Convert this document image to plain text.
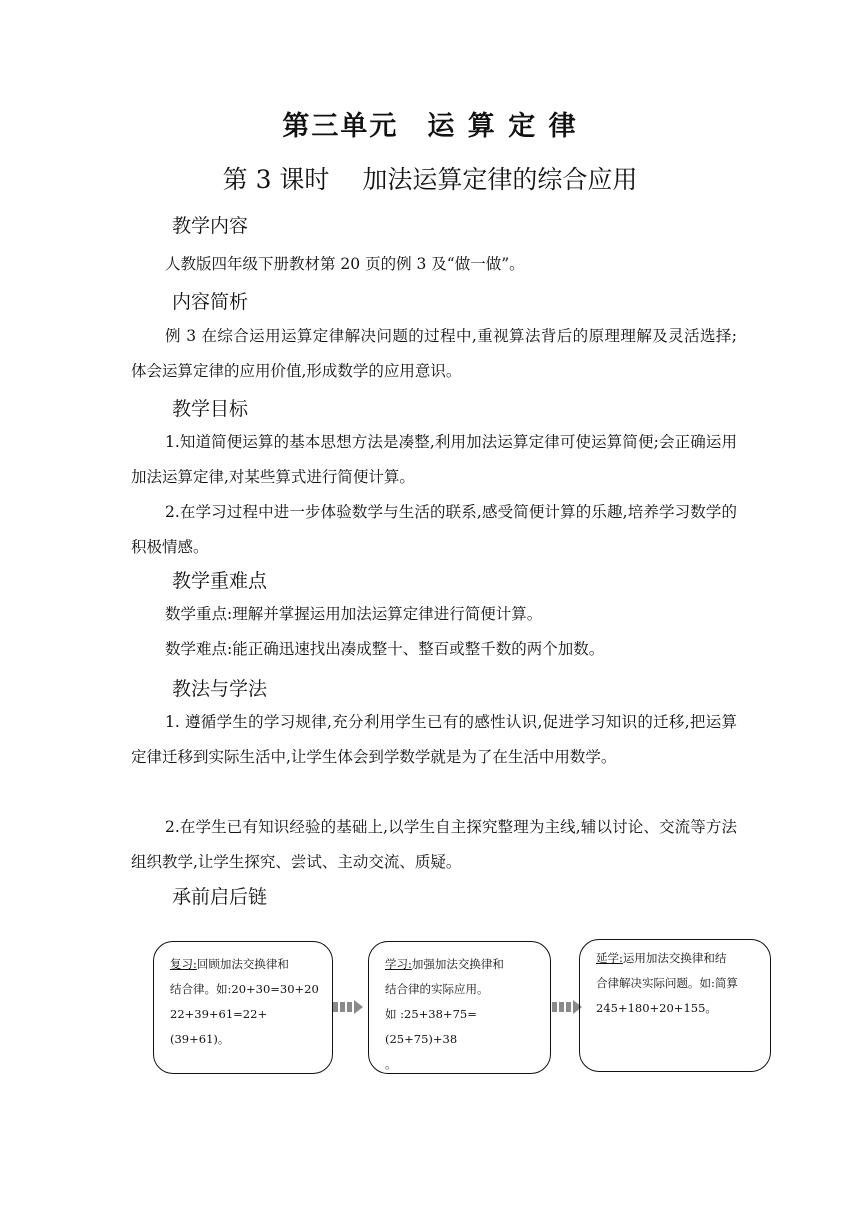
第三单元　运 算 定 律
第 3 课时　 加法运算定律的综合应用
教学内容
人教版四年级下册教材第 20 页的例 3 及“做一做”。
内容简析
例 3 在综合运用运算定律解决问题的过程中,重视算法背后的原理理解及灵活选择;体会运算定律的应用价值,形成数学的应用意识。
教学目标
1.知道简便运算的基本思想方法是凑整,利用加法运算定律可使运算简便;会正确运用加法运算定律,对某些算式进行简便计算。
2.在学习过程中进一步体验数学与生活的联系,感受简便计算的乐趣,培养学习数学的积极情感。
教学重难点
数学重点:理解并掌握运用加法运算定律进行简便计算。
数学难点:能正确迅速找出凑成整十、整百或整千数的两个加数。
教法与学法
1. 遵循学生的学习规律,充分利用学生已有的感性认识,促进学习知识的迁移,把运算定律迁移到实际生活中,让学生体会到学数学就是为了在生活中用数学。
2.在学生已有知识经验的基础上,以学生自主探究整理为主线,辅以讨论、交流等方法组织教学,让学生探究、尝试、主动交流、质疑。
承前启后链
复习:回顾加法交换律和
结合律。如:20+30=30+20
22+39+61=22+(39+61)。
学习:加强加法交换律和
结合律的实际应用。
如 :25+38+75=(25+75)+38
。
延学:运用加法交换律和结
合律解决实际问题。如:简算
245+180+20+155。
